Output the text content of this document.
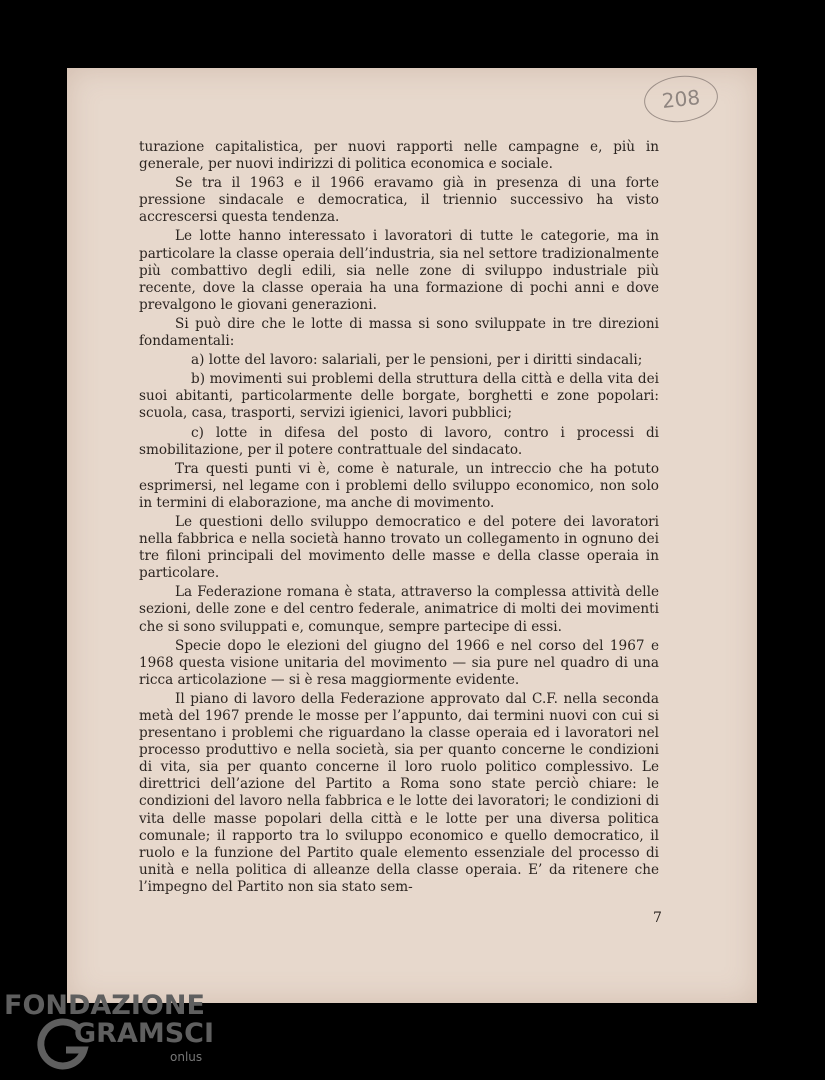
208

turazione capitalistica, per nuovi rapporti nelle campagne e, più in generale, per nuovi indirizzi di politica economica e sociale.

Se tra il 1963 e il 1966 eravamo già in presenza di una forte pressione sindacale e democratica, il triennio successivo ha visto accrescersi questa tendenza.

Le lotte hanno interessato i lavoratori di tutte le categorie, ma in particolare la classe operaia dell’industria, sia nel settore tradizionalmente più combattivo degli edili, sia nelle zone di sviluppo industriale più recente, dove la classe operaia ha una formazione di pochi anni e dove prevalgono le giovani generazioni.

Si può dire che le lotte di massa si sono sviluppate in tre direzioni fondamentali:

a) lotte del lavoro: salariali, per le pensioni, per i diritti sindacali;

b) movimenti sui problemi della struttura della città e della vita dei suoi abitanti, particolarmente delle borgate, borghetti e zone popolari: scuola, casa, trasporti, servizi igienici, lavori pubblici;

c) lotte in difesa del posto di lavoro, contro i processi di smobilitazione, per il potere contrattuale del sindacato.

Tra questi punti vi è, come è naturale, un intreccio che ha potuto esprimersi, nel legame con i problemi dello sviluppo economico, non solo in termini di elaborazione, ma anche di movimento.

Le questioni dello sviluppo democratico e del potere dei lavoratori nella fabbrica e nella società hanno trovato un collegamento in ognuno dei tre filoni principali del movimento delle masse e della classe operaia in particolare.

La Federazione romana è stata, attraverso la complessa attività delle sezioni, delle zone e del centro federale, animatrice di molti dei movimenti che si sono sviluppati e, comunque, sempre partecipe di essi.

Specie dopo le elezioni del giugno del 1966 e nel corso del 1967 e 1968 questa visione unitaria del movimento — sia pure nel quadro di una ricca articolazione — si è resa maggiormente evidente.

Il piano di lavoro della Federazione approvato dal C.F. nella seconda metà del 1967 prende le mosse per l’appunto, dai termini nuovi con cui si presentano i problemi che riguardano la classe operaia ed i lavoratori nel processo produttivo e nella società, sia per quanto concerne le condizioni di vita, sia per quanto concerne il loro ruolo politico complessivo. Le direttrici dell’azione del Partito a Roma sono state perciò chiare: le condizioni del lavoro nella fabbrica e le lotte dei lavoratori; le condizioni di vita delle masse popolari della città e le lotte per una diversa politica comunale; il rapporto tra lo sviluppo economico e quello democratico, il ruolo e la funzione del Partito quale elemento essenziale del processo di unità e nella politica di alleanze della classe operaia. E’ da ritenere che l’impegno del Partito non sia stato sem-

7
FONDAZIONE
GRAMSCI
onlus
